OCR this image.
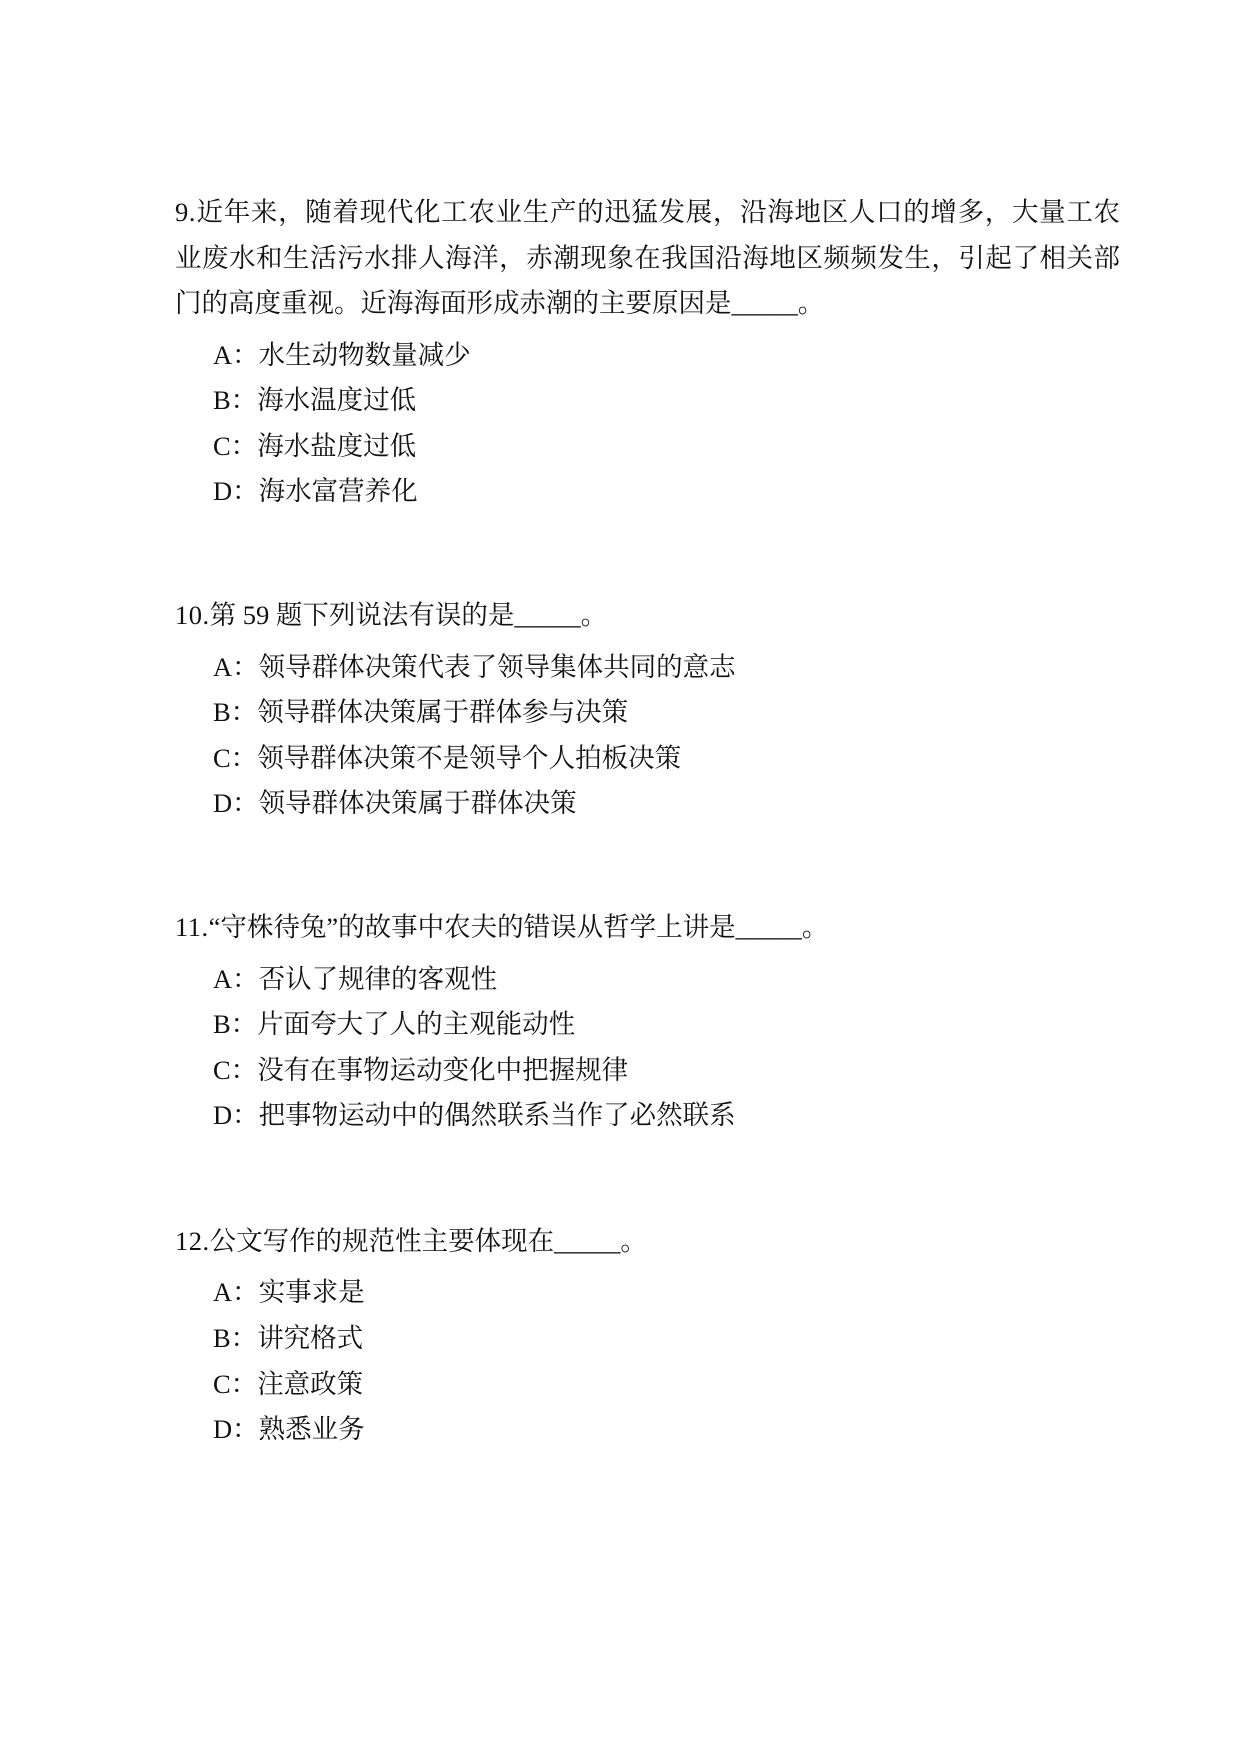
9.近年来，随着现代化工农业生产的迅猛发展，沿海地区人口的增多，大量工农业废水和生活污水排人海洋，赤潮现象在我国沿海地区频频发生，引起了相关部门的高度重视。近海海面形成赤潮的主要原因是_____。

A：水生动物数量减少
B：海水温度过低
C：海水盐度过低
D：海水富营养化

10.第 59 题下列说法有误的是_____。

A：领导群体决策代表了领导集体共同的意志
B：领导群体决策属于群体参与决策
C：领导群体决策不是领导个人拍板决策
D：领导群体决策属于群体决策

11.“守株待兔”的故事中农夫的错误从哲学上讲是_____。

A：否认了规律的客观性
B：片面夸大了人的主观能动性
C：没有在事物运动变化中把握规律
D：把事物运动中的偶然联系当作了必然联系

12.公文写作的规范性主要体现在_____。

A：实事求是
B：讲究格式
C：注意政策
D：熟悉业务
